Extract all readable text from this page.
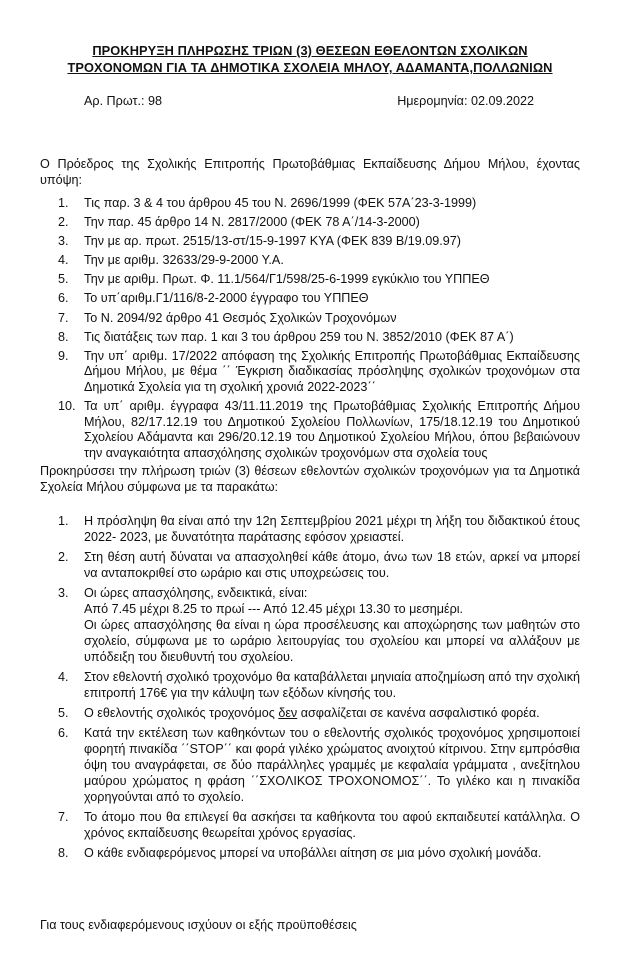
ΠΡΟΚΗΡΥΞΗ ΠΛΗΡΩΣΗΣ ΤΡΙΩΝ (3) ΘΕΣΕΩΝ ΕΘΕΛΟΝΤΩΝ ΣΧΟΛΙΚΩΝ
ΤΡΟΧΟΝΟΜΩΝ ΓΙΑ ΤΑ ΔΗΜΟΤΙΚΑ ΣΧΟΛΕΙΑ ΜΗΛΟΥ, ΑΔΑΜΑΝΤΑ,ΠΟΛΛΩΝΙΩΝ
Αρ. Πρωτ.: 98	Ημερομηνία: 02.09.2022
Ο Πρόεδρος της Σχολικής Επιτροπής Πρωτοβάθμιας Εκπαίδευσης Δήμου Μήλου, έχοντας υπόψη:
1.	Τις παρ. 3 & 4 του άρθρου 45 του Ν. 2696/1999 (ΦΕΚ 57Α΄23-3-1999)
2.	Την παρ. 45 άρθρο 14 Ν. 2817/2000 (ΦΕΚ 78 Α΄/14-3-2000)
3.	Την με αρ. πρωτ. 2515/13-στ/15-9-1997 ΚΥΑ (ΦΕΚ 839 Β/19.09.97)
4.	Την με αριθμ. 32633/29-9-2000 Υ.Α.
5.	Την με αριθμ. Πρωτ. Φ. 11.1/564/Γ1/598/25-6-1999 εγκύκλιο του ΥΠΠΕΘ
6.	Το υπ΄αριθμ.Γ1/116/8-2-2000 έγγραφο του ΥΠΠΕΘ
7.	Το Ν. 2094/92 άρθρο 41 Θεσμός Σχολικών Τροχονόμων
8.	Τις διατάξεις των παρ. 1 και 3 του άρθρου 259 του Ν. 3852/2010 (ΦΕΚ 87 Α΄)
9.	Την υπ΄ αριθμ. 17/2022 απόφαση της Σχολικής Επιτροπής Πρωτοβάθμιας Εκπαίδευσης Δήμου Μήλου, με θέμα ΄΄ Έγκριση διαδικασίας πρόσληψης σχολικών τροχονόμων στα Δημοτικά Σχολεία για τη σχολική χρονιά 2022-2023΄΄
10. Τα υπ΄ αριθμ. έγγραφα 43/11.11.2019 της Πρωτοβάθμιας Σχολικής Επιτροπής Δήμου Μήλου, 82/17.12.19 του Δημοτικού Σχολείου Πολλωνίων, 175/18.12.19 του Δημοτικού Σχολείου Αδάμαντα και 296/20.12.19 του Δημοτικού Σχολείου Μήλου, όπου βεβαιώνουν την αναγκαιότητα απασχόλησης σχολικών τροχονόμων στα σχολεία τους
Προκηρύσσει την πλήρωση τριών (3) θέσεων εθελοντών σχολικών τροχονόμων για τα Δημοτικά Σχολεία Μήλου σύμφωνα με τα παρακάτω:
1.	Η πρόσληψη θα είναι από την 12η Σεπτεμβρίου 2021 μέχρι τη λήξη του διδακτικού έτους 2022- 2023, με δυνατότητα παράτασης εφόσον χρειαστεί.
2.	Στη θέση αυτή δύναται να απασχοληθεί κάθε άτομο, άνω των 18 ετών, αρκεί να μπορεί να ανταποκριθεί στο ωράριο και στις υποχρεώσεις του.
3.	Οι ώρες απασχόλησης, ενδεικτικά, είναι:
Από 7.45 μέχρι 8.25 το πρωί --- Από 12.45 μέχρι 13.30 το μεσημέρι.
Οι ώρες απασχόλησης θα είναι η ώρα προσέλευσης και αποχώρησης των μαθητών στο σχολείο, σύμφωνα με το ωράριο λειτουργίας του σχολείου και μπορεί να αλλάξουν με υπόδειξη του διευθυντή του σχολείου.
4.	Στον εθελοντή σχολικό τροχονόμο θα καταβάλλεται μηνιαία αποζημίωση από την σχολική επιτροπή 176€ για την κάλυψη των εξόδων κίνησής του.
5.	Ο εθελοντής σχολικός τροχονόμος δεν ασφαλίζεται σε κανένα ασφαλιστικό φορέα.
6.	Κατά την εκτέλεση των καθηκόντων του ο εθελοντής σχολικός τροχονόμος χρησιμοποιεί φορητή πινακίδα ΄΄STOP΄΄ και φορά γιλέκο χρώματος ανοιχτού κίτρινου. Στην εμπρόσθια όψη του αναγράφεται, σε δύο παράλληλες γραμμές με κεφαλαία γράμματα , ανεξίτηλου μαύρου χρώματος η φράση ΄΄ΣΧΟΛΙΚΟΣ ΤΡΟΧΟΝΟΜΟΣ΄΄. Το γιλέκο και η πινακίδα χορηγούνται από το σχολείο.
7.	Το άτομο που θα επιλεγεί θα ασκήσει τα καθήκοντα του αφού εκπαιδευτεί κατάλληλα. Ο χρόνος εκπαίδευσης θεωρείται χρόνος εργασίας.
8.	Ο κάθε ενδιαφερόμενος μπορεί να υποβάλλει αίτηση σε μια μόνο σχολική μονάδα.
Για τους ενδιαφερόμενους ισχύουν οι εξής προϋποθέσεις
